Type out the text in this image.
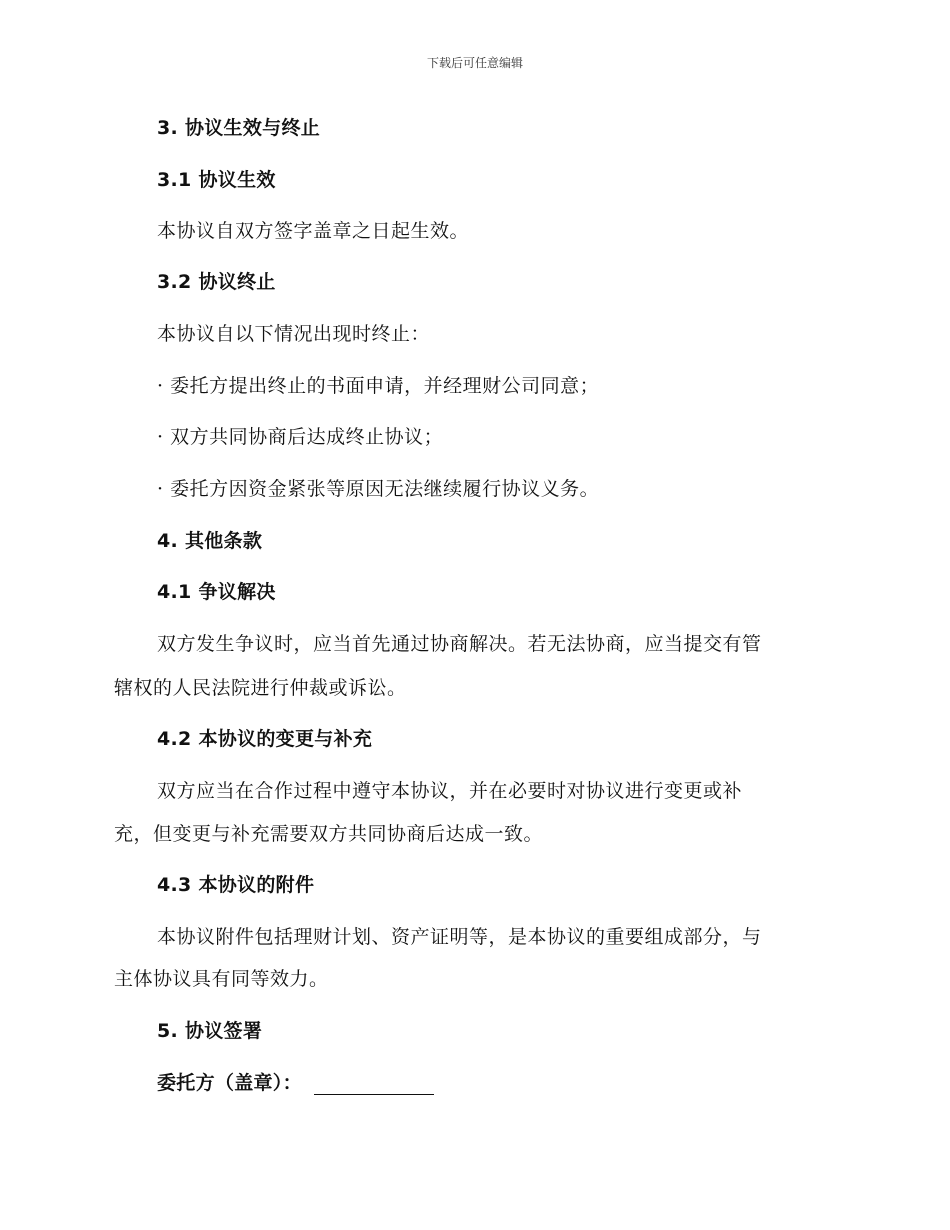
下载后可任意编辑
3. 协议生效与终止
3.1 协议生效
本协议自双方签字盖章之日起生效。
3.2 协议终止
本协议自以下情况出现时终止：
· 委托方提出终止的书面申请，并经理财公司同意；
· 双方共同协商后达成终止协议；
· 委托方因资金紧张等原因无法继续履行协议义务。
4. 其他条款
4.1 争议解决
双方发生争议时，应当首先通过协商解决。若无法协商，应当提交有管
辖权的人民法院进行仲裁或诉讼。
4.2 本协议的变更与补充
双方应当在合作过程中遵守本协议，并在必要时对协议进行变更或补
充，但变更与补充需要双方共同协商后达成一致。
4.3 本协议的附件
本协议附件包括理财计划、资产证明等，是本协议的重要组成部分，与
主体协议具有同等效力。
5. 协议签署
委托方（盖章）：
